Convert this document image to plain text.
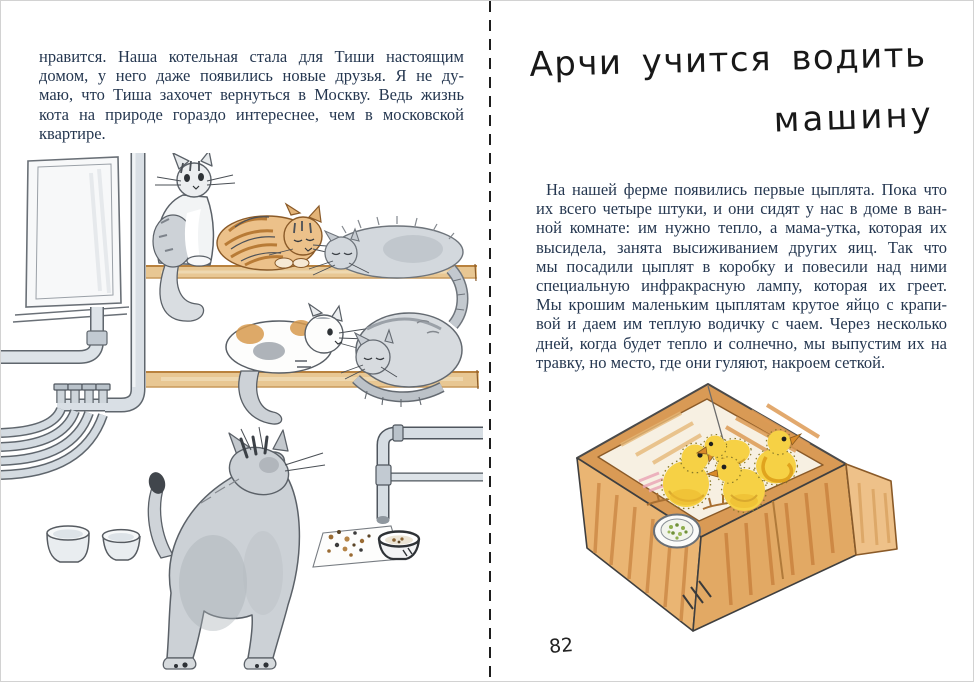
нравится. Наша котельная стала для Тиши настоящим
домом, у него даже появились новые друзья. Я не ду-
маю, что Тиша захочет вернуться в Москву. Ведь жизнь
кота на природе гораздо интереснее, чем в московской
квартире.
Арчи учится водить
машину
На нашей ферме появились первые цыплята. Пока что
их всего четыре штуки, и они сидят у нас в доме в ван-
ной комнате: им нужно тепло, а мама-утка, которая их
высидела, занята высиживанием других яиц. Так что
мы посадили цыплят в коробку и повесили над ними
специальную инфракрасную лампу, которая их греет.
Мы крошим маленьким цыплятам крутое яйцо с крапи-
вой и даем им теплую водичку с чаем. Через несколько
дней, когда будет тепло и солнечно, мы выпустим их на
травку, но место, где они гуляют, накроем сеткой.
82
